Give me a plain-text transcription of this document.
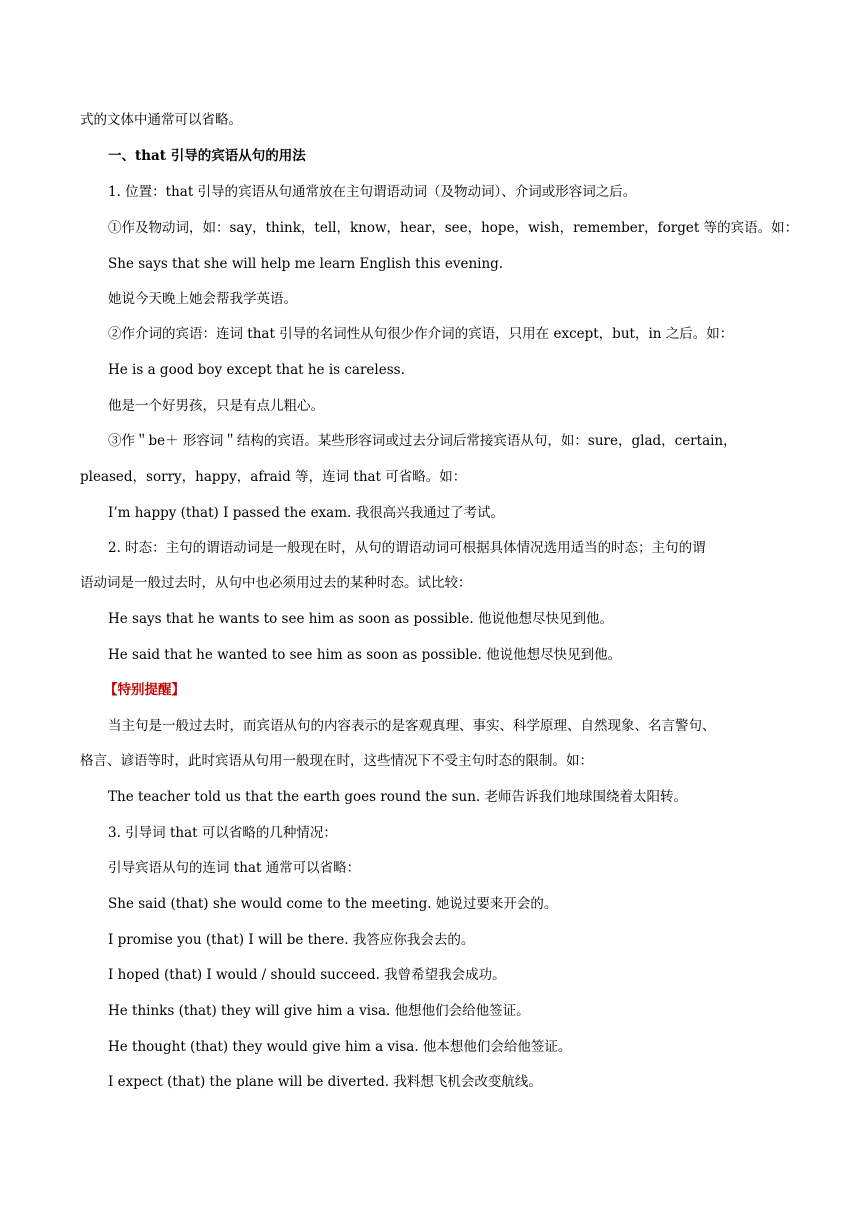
式的文体中通常可以省略。
一、that 引导的宾语从句的用法
1. 位置：that 引导的宾语从句通常放在主句谓语动词（及物动词）、介词或形容词之后。
①作及物动词，如：say，think，tell，know，hear，see，hope，wish，remember，forget 等的宾语。如：
She says that she will help me learn English this evening.
她说今天晚上她会帮我学英语。
②作介词的宾语：连词 that 引导的名词性从句很少作介词的宾语，只用在 except，but，in 之后。如：
He is a good boy except that he is careless.
他是一个好男孩，只是有点儿粗心。
③作＂be＋ 形容词＂结构的宾语。某些形容词或过去分词后常接宾语从句，如：sure，glad，certain，
pleased，sorry，happy，afraid 等，连词 that 可省略。如：
I’m happy (that) I passed the exam. 我很高兴我通过了考试。
2. 时态：主句的谓语动词是一般现在时，从句的谓语动词可根据具体情况选用适当的时态；主句的谓
语动词是一般过去时，从句中也必须用过去的某种时态。试比较：
He says that he wants to see him as soon as possible. 他说他想尽快见到他。
He said that he wanted to see him as soon as possible. 他说他想尽快见到他。
【特别提醒】
当主句是一般过去时，而宾语从句的内容表示的是客观真理、事实、科学原理、自然现象、名言警句、
格言、谚语等时，此时宾语从句用一般现在时，这些情况下不受主句时态的限制。如：
The teacher told us that the earth goes round the sun. 老师告诉我们地球围绕着太阳转。
3. 引导词 that 可以省略的几种情况：
引导宾语从句的连词 that 通常可以省略：
She said (that) she would come to the meeting. 她说过要来开会的。
I promise you (that) I will be there. 我答应你我会去的。
I hoped (that) I would / should succeed. 我曾希望我会成功。
He thinks (that) they will give him a visa. 他想他们会给他签证。
He thought (that) they would give him a visa. 他本想他们会给他签证。
I expect (that) the plane will be diverted. 我料想飞机会改变航线。
